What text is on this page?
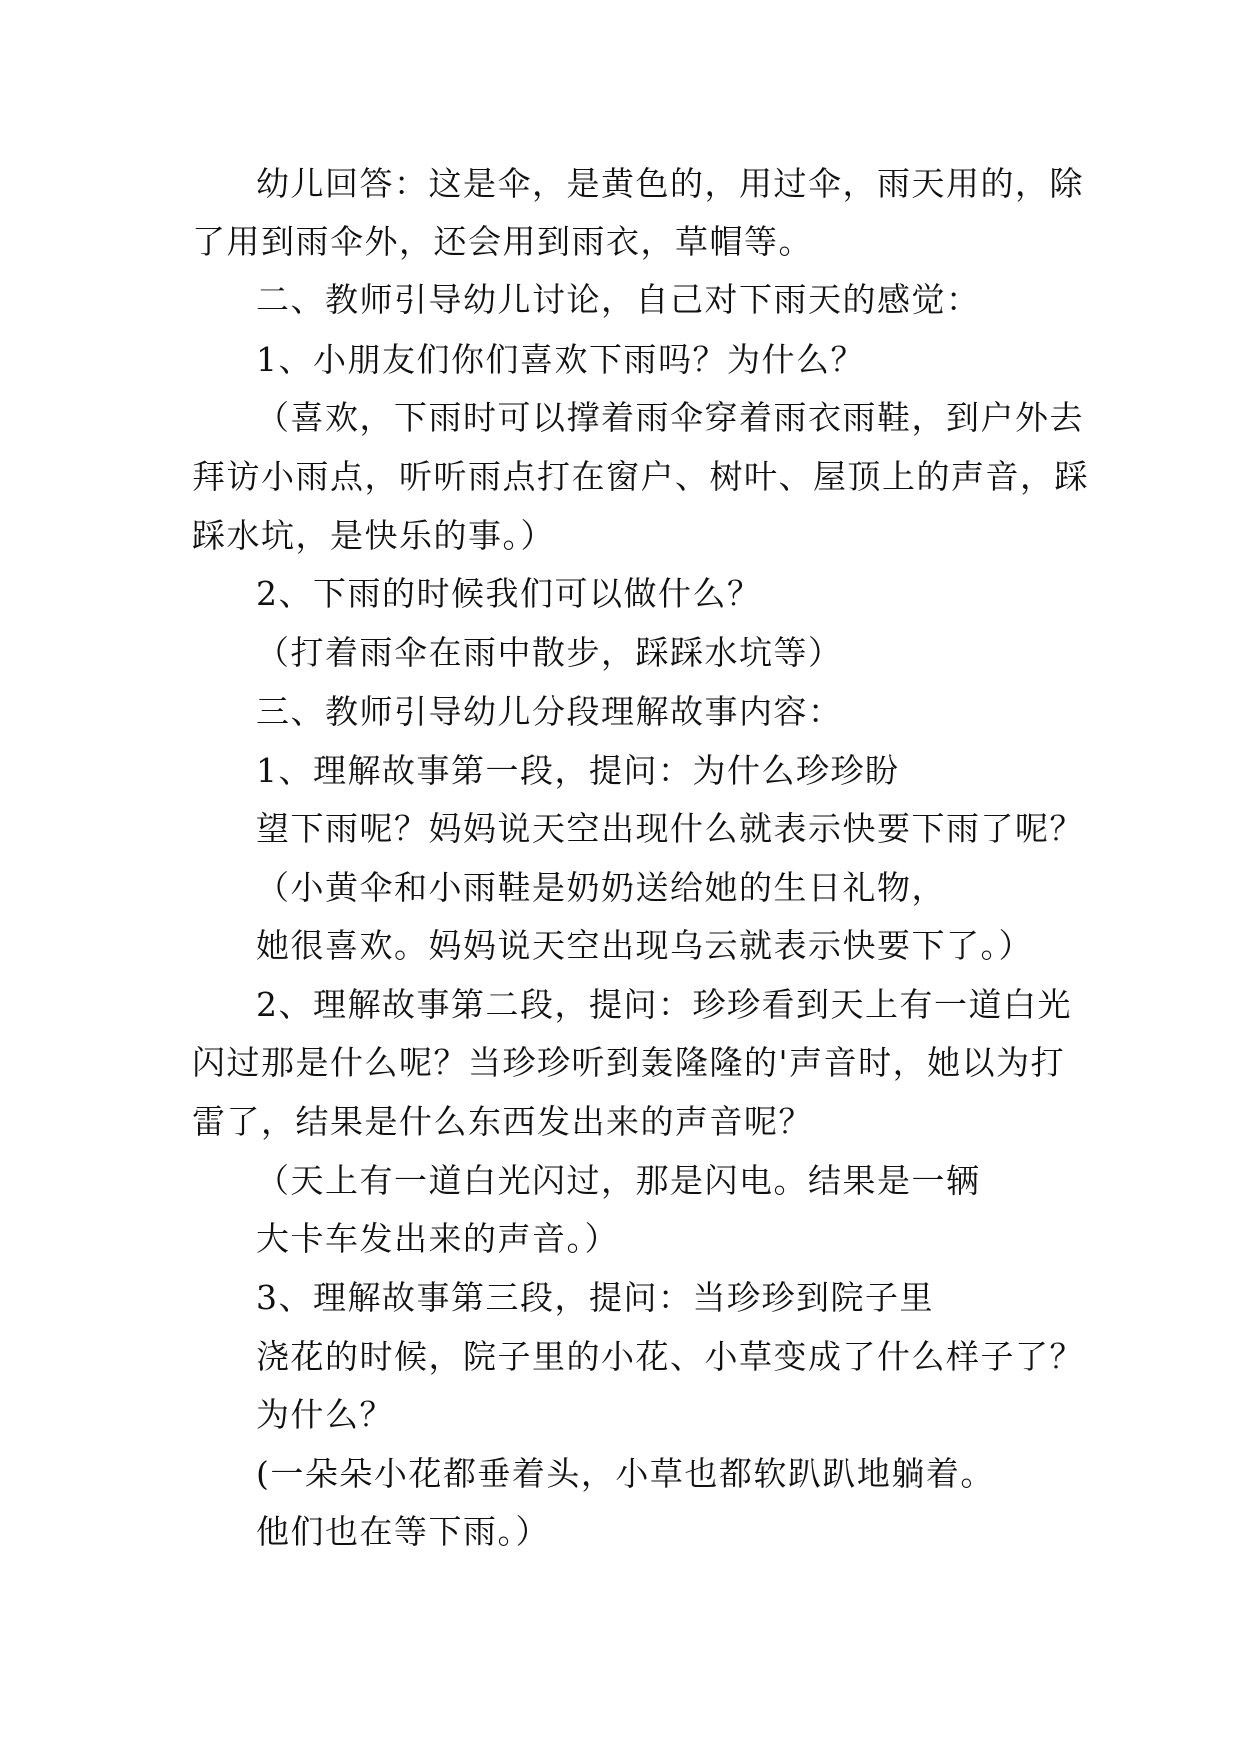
幼儿回答：这是伞，是黄色的，用过伞，雨天用的，除
了用到雨伞外，还会用到雨衣，草帽等。
二、教师引导幼儿讨论，自己对下雨天的感觉：
1、小朋友们你们喜欢下雨吗？为什么？
（喜欢，下雨时可以撑着雨伞穿着雨衣雨鞋，到户外去
拜访小雨点，听听雨点打在窗户、树叶、屋顶上的声音，踩
踩水坑，是快乐的事。）
2、下雨的时候我们可以做什么？
（打着雨伞在雨中散步，踩踩水坑等）
三、教师引导幼儿分段理解故事内容：
1、理解故事第一段，提问：为什么珍珍盼
望下雨呢？妈妈说天空出现什么就表示快要下雨了呢？
（小黄伞和小雨鞋是奶奶送给她的生日礼物，
她很喜欢。妈妈说天空出现乌云就表示快要下了。）
2、理解故事第二段，提问：珍珍看到天上有一道白光
闪过那是什么呢？当珍珍听到轰隆隆的'声音时，她以为打
雷了，结果是什么东西发出来的声音呢？
（天上有一道白光闪过，那是闪电。结果是一辆
大卡车发出来的声音。）
3、理解故事第三段，提问：当珍珍到院子里
浇花的时候，院子里的小花、小草变成了什么样子了？
为什么？
(一朵朵小花都垂着头，小草也都软趴趴地躺着。
他们也在等下雨。）
